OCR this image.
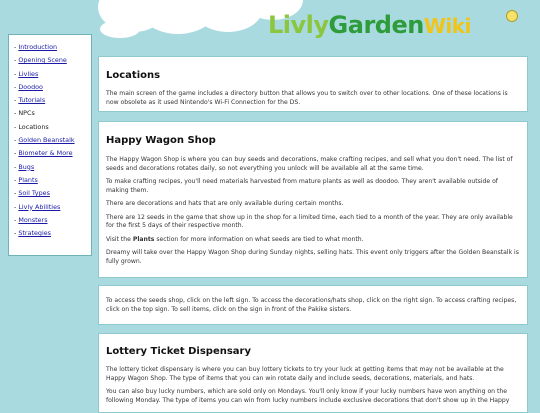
LivlyGardenWiki
- Introduction
- Opening Scene
- Livlies
- Doodoo
- Tutorials
- NPCs
- Locations
- Golden Beanstalk
- Biometer & More
- Bugs
- Plants
- Soil Types
- Livly Abilities
- Monsters
- Strategies
Locations

The main screen of the game includes a directory button that allows you to switch over to other locations. One of these locations is now obsolete as it used Nintendo's Wi-Fi Connection for the DS.

Happy Wagon Shop

The Happy Wagon Shop is where you can buy seeds and decorations, make crafting recipes, and sell what you don't need. The list of seeds and decorations rotates daily, so not everything you unlock will be available all at the same time.

To make crafting recipes, you'll need materials harvested from mature plants as well as doodoo. They aren't available outside of making them.

There are decorations and hats that are only available during certain months.

There are 12 seeds in the game that show up in the shop for a limited time, each tied to a month of the year. They are only available for the first 5 days of their respective month.

Visit the Plants section for more information on what seeds are tied to what month.

Dreamy will take over the Happy Wagon Shop during Sunday nights, selling hats. This event only triggers after the Golden Beanstalk is fully grown.

To access the seeds shop, click on the left sign. To access the decorations/hats shop, click on the right sign. To access crafting recipes, click on the top sign. To sell items, click on the sign in front of the Pakike sisters.

Lottery Ticket Dispensary

The lottery ticket dispensary is where you can buy lottery tickets to try your luck at getting items that may not be available at the Happy Wagon Shop. The type of items that you can win rotate daily and include seeds, decorations, materials, and hats.

You can also buy lucky numbers, which are sold only on Mondays. You'll only know if your lucky numbers have won anything on the following Monday. The type of items you can win from lucky numbers include exclusive decorations that don't show up in the Happy
